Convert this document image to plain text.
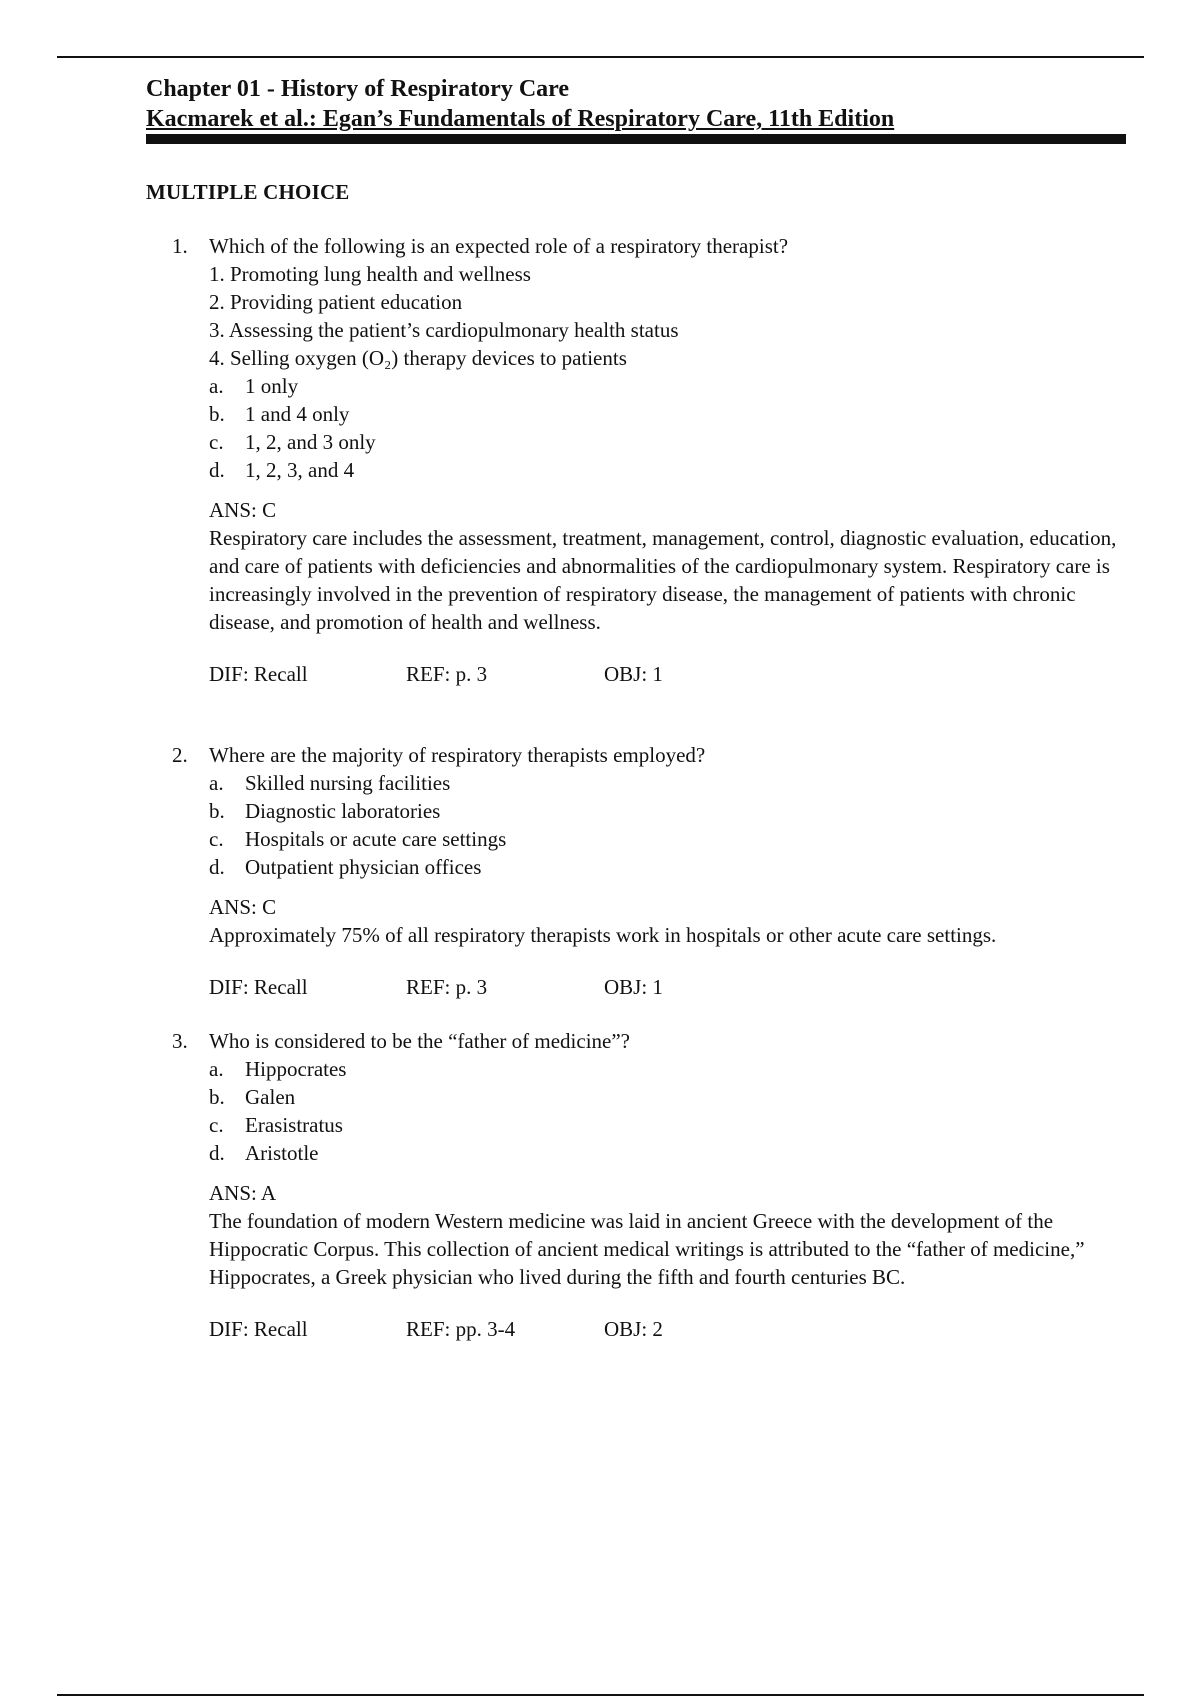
Chapter 01 - History of Respiratory Care
Kacmarek et al.: Egan’s Fundamentals of Respiratory Care, 11th Edition
MULTIPLE CHOICE
1.	Which of the following is an expected role of a respiratory therapist?
1. Promoting lung health and wellness
2. Providing patient education
3. Assessing the patient’s cardiopulmonary health status
4. Selling oxygen (O₂) therapy devices to patients
a. 1 only
b. 1 and 4 only
c. 1, 2, and 3 only
d. 1, 2, 3, and 4
ANS: C
Respiratory care includes the assessment, treatment, management, control, diagnostic evaluation, education, and care of patients with deficiencies and abnormalities of the cardiopulmonary system. Respiratory care is increasingly involved in the prevention of respiratory disease, the management of patients with chronic disease, and promotion of health and wellness.
DIF: Recall	REF: p. 3	OBJ: 1
2.	Where are the majority of respiratory therapists employed?
a. Skilled nursing facilities
b. Diagnostic laboratories
c. Hospitals or acute care settings
d. Outpatient physician offices
ANS: C
Approximately 75% of all respiratory therapists work in hospitals or other acute care settings.
DIF: Recall	REF: p. 3	OBJ: 1
3.	Who is considered to be the “father of medicine”?
a. Hippocrates
b. Galen
c. Erasistratus
d. Aristotle
ANS: A
The foundation of modern Western medicine was laid in ancient Greece with the development of the Hippocratic Corpus. This collection of ancient medical writings is attributed to the “father of medicine,” Hippocrates, a Greek physician who lived during the fifth and fourth centuries BC.
DIF: Recall	REF: pp. 3-4	OBJ: 2
